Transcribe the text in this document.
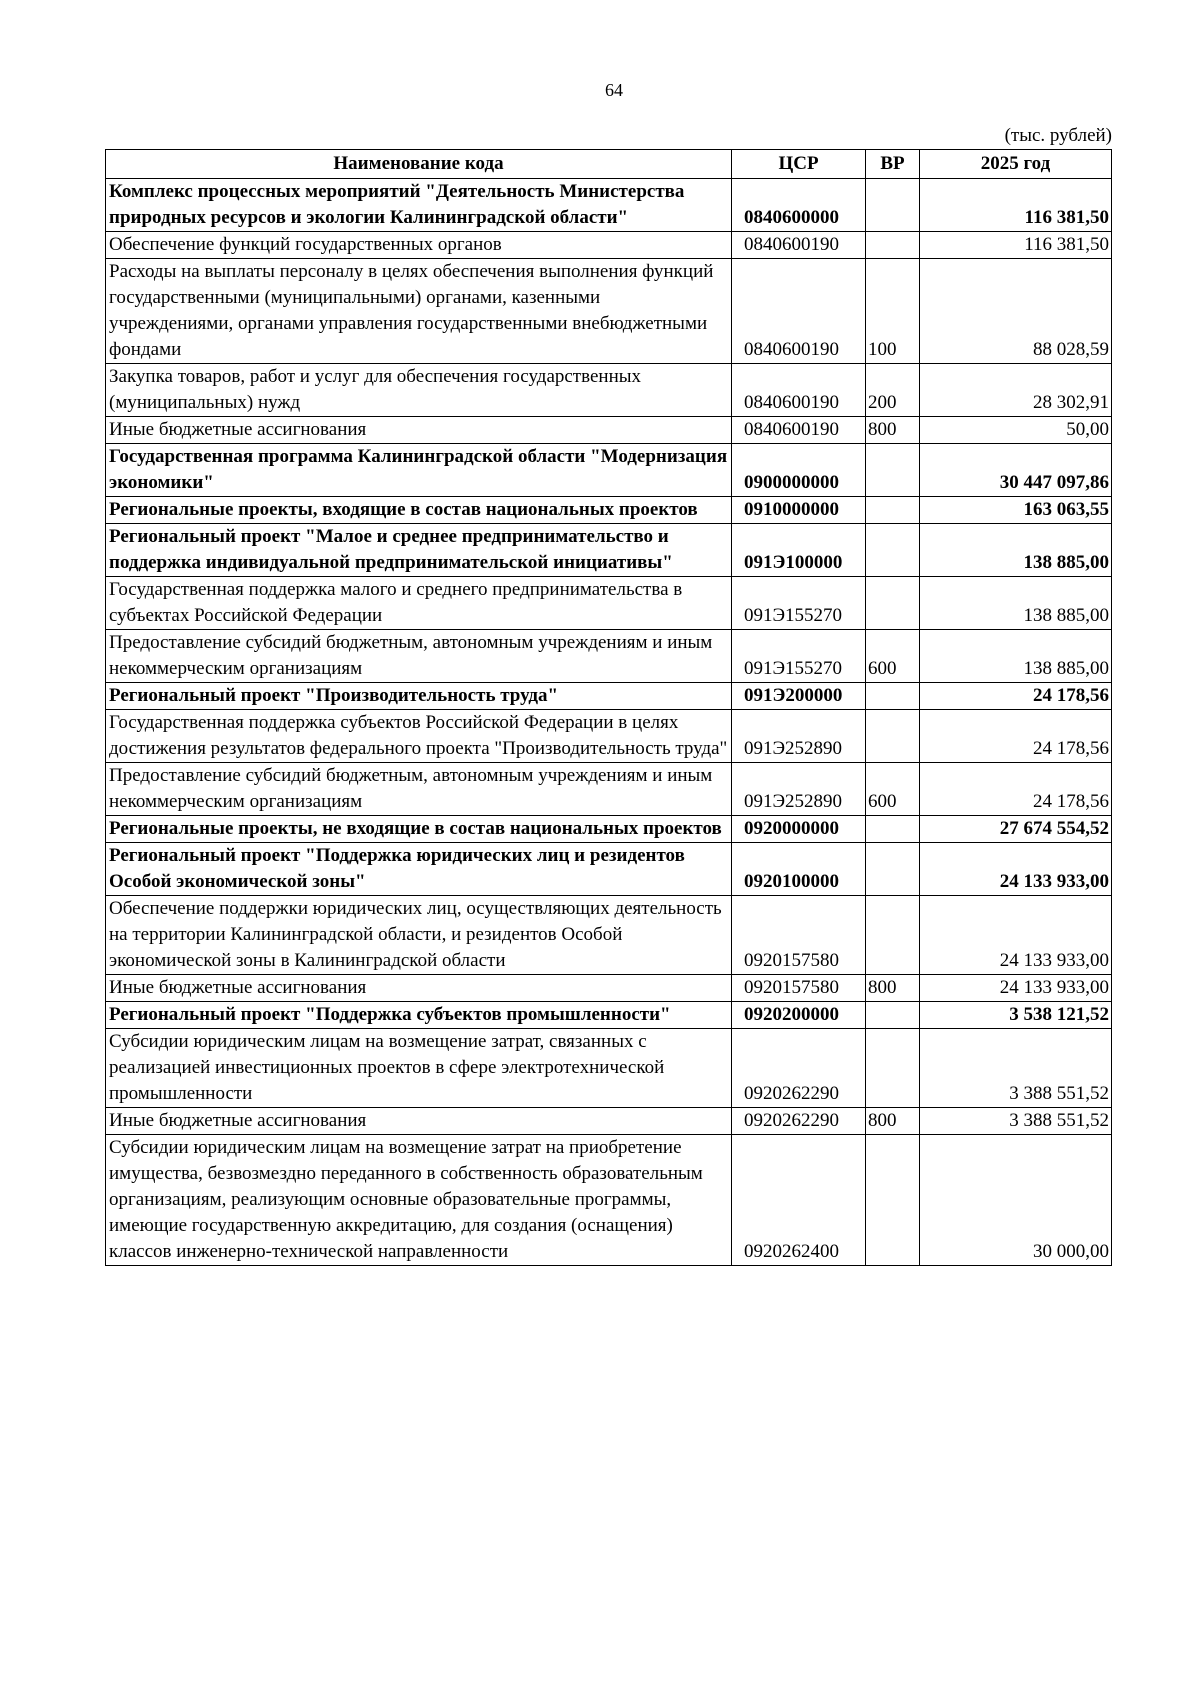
64
(тыс. рублей)
Наименование кода	ЦСР	ВР	2025 год
Комплекс процессных мероприятий "Деятельность Министерства природных ресурсов и экологии Калининградской области"	0840600000		116 381,50
Обеспечение функций государственных органов	0840600190		116 381,50
Расходы на выплаты персоналу в целях обеспечения выполнения функций государственными (муниципальными) органами, казенными учреждениями, органами управления государственными внебюджетными фондами	0840600190	100	88 028,59
Закупка товаров, работ и услуг для обеспечения государственных (муниципальных) нужд	0840600190	200	28 302,91
Иные бюджетные ассигнования	0840600190	800	50,00
Государственная программа Калининградской области "Модернизация экономики"	0900000000		30 447 097,86
Региональные проекты, входящие в состав национальных проектов	0910000000		163 063,55
Региональный проект "Малое и среднее предпринимательство и поддержка индивидуальной предпринимательской инициативы"	091Э100000		138 885,00
Государственная поддержка малого и среднего предпринимательства в субъектах Российской Федерации	091Э155270		138 885,00
Предоставление субсидий бюджетным, автономным учреждениям и иным некоммерческим организациям	091Э155270	600	138 885,00
Региональный проект "Производительность труда"	091Э200000		24 178,56
Государственная поддержка субъектов Российской Федерации в целях достижения результатов федерального проекта "Производительность труда"	091Э252890		24 178,56
Предоставление субсидий бюджетным, автономным учреждениям и иным некоммерческим организациям	091Э252890	600	24 178,56
Региональные проекты, не входящие в состав национальных проектов	0920000000		27 674 554,52
Региональный проект "Поддержка юридических лиц и резидентов Особой экономической зоны"	0920100000		24 133 933,00
Обеспечение поддержки юридических лиц, осуществляющих деятельность на территории Калининградской области, и резидентов Особой экономической зоны в Калининградской области	0920157580		24 133 933,00
Иные бюджетные ассигнования	0920157580	800	24 133 933,00
Региональный проект "Поддержка субъектов промышленности"	0920200000		3 538 121,52
Субсидии юридическим лицам на возмещение затрат, связанных с реализацией инвестиционных проектов в сфере электротехнической промышленности	0920262290		3 388 551,52
Иные бюджетные ассигнования	0920262290	800	3 388 551,52
Субсидии юридическим лицам на возмещение затрат на приобретение имущества, безвозмездно переданного в собственность образовательным организациям, реализующим основные образовательные программы, имеющие государственную аккредитацию, для создания (оснащения) классов инженерно-технической направленности	0920262400		30 000,00
